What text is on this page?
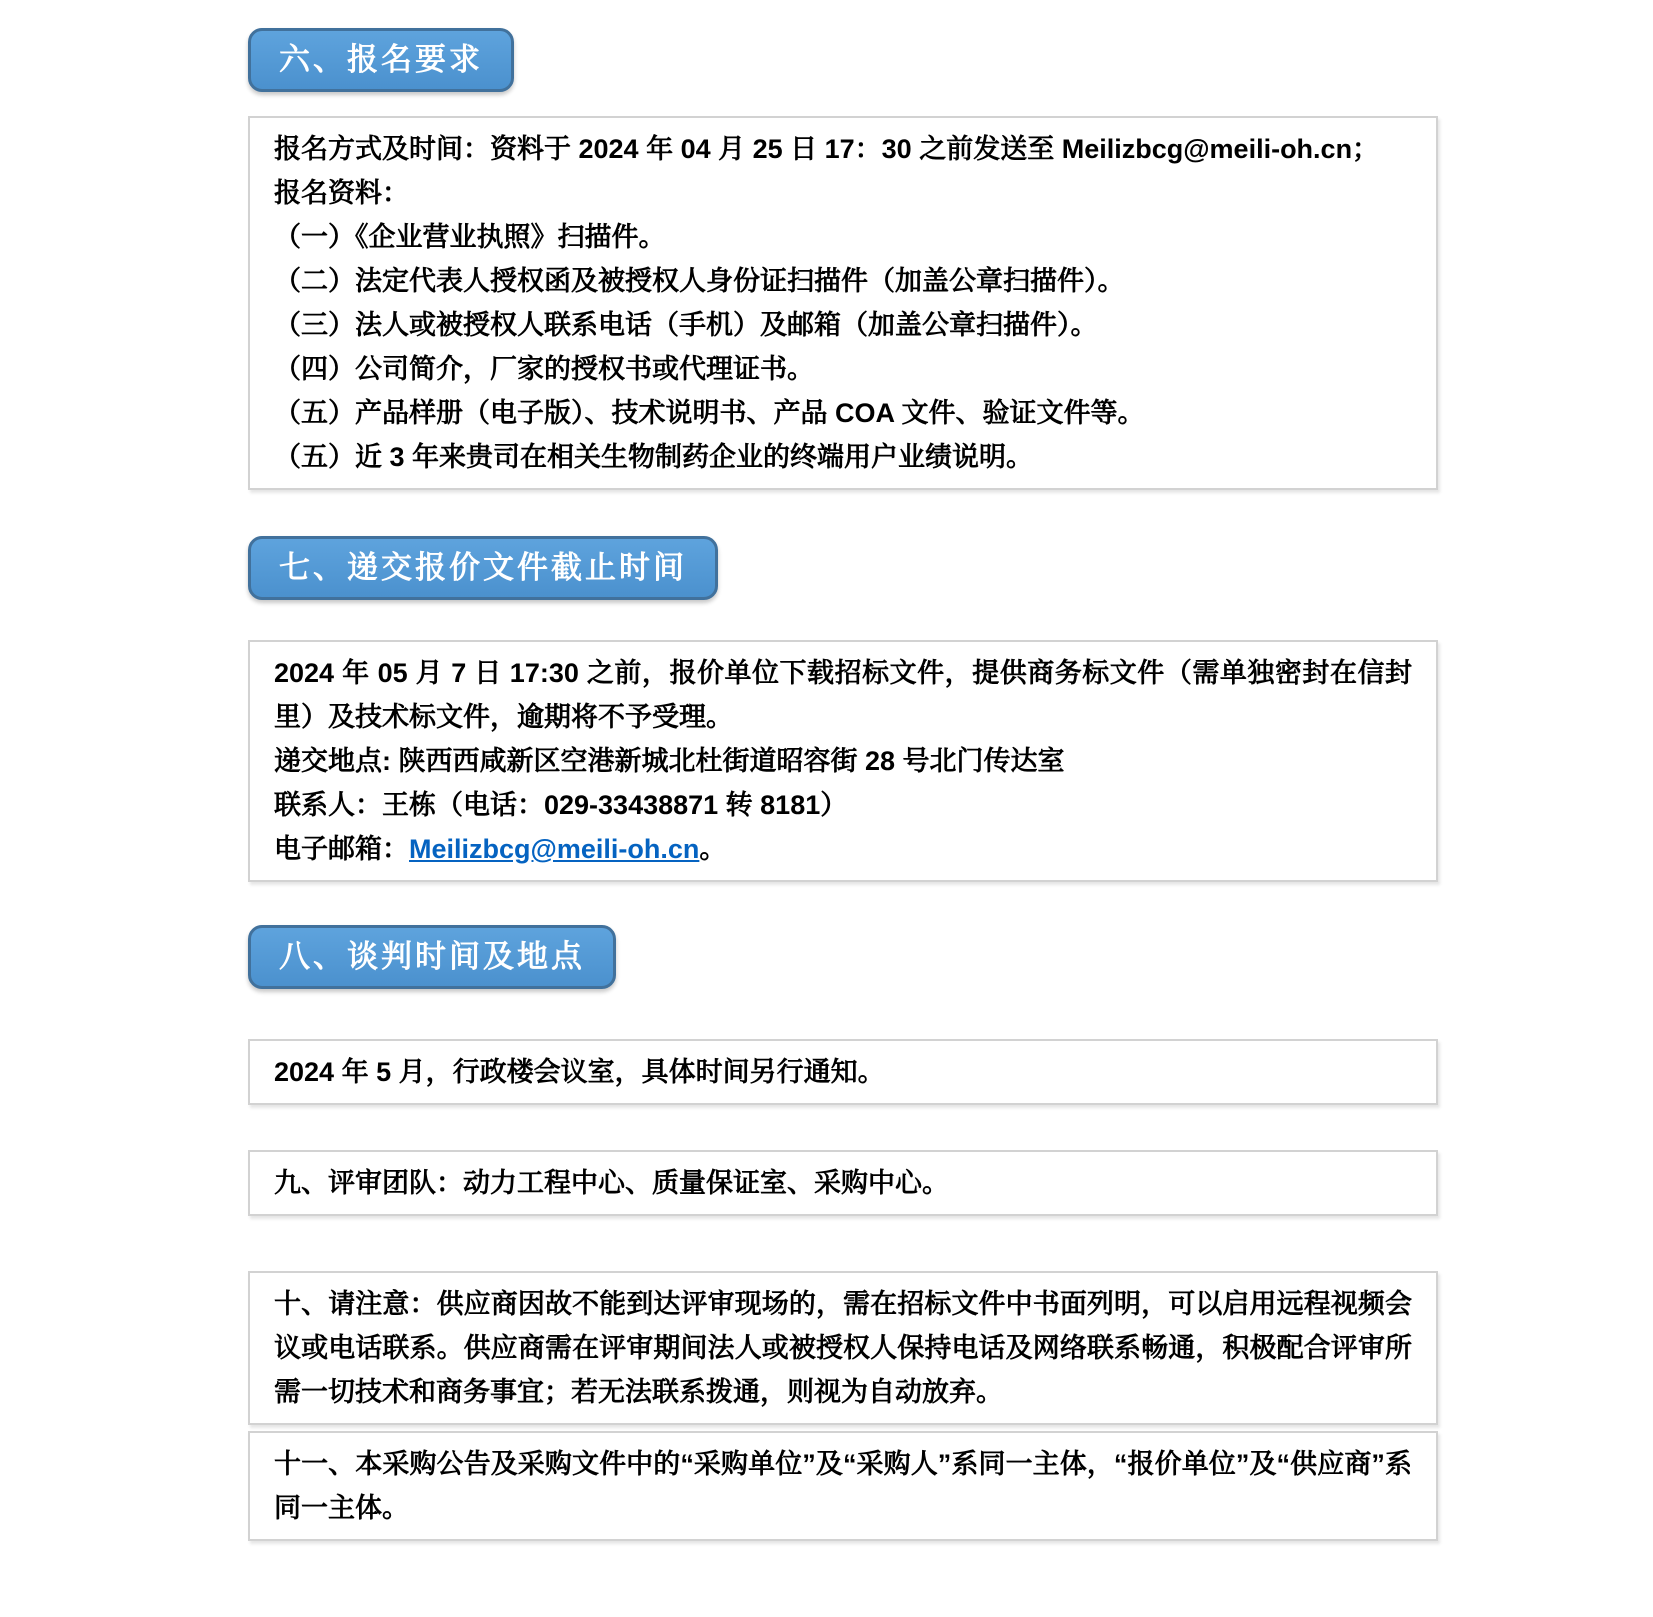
六、报名要求

报名方式及时间：资料于 2024 年 04 月 25 日 17：30 之前发送至 Meilizbcg@meili-oh.cn；

报名资料：

（一）《企业营业执照》扫描件。

（二）法定代表人授权函及被授权人身份证扫描件（加盖公章扫描件）。

（三）法人或被授权人联系电话（手机）及邮箱（加盖公章扫描件）。

（四）公司简介，厂家的授权书或代理证书。

（五）产品样册（电子版）、技术说明书、产品 COA 文件、验证文件等。

（五）近 3 年来贵司在相关生物制药企业的终端用户业绩说明。

七、递交报价文件截止时间

2024 年 05 月 7 日 17:30 之前，报价单位下载招标文件，提供商务标文件（需单独密封在信封里）及技术标文件，逾期将不予受理。

递交地点: 陕西西咸新区空港新城北杜街道昭容街 28 号北门传达室

联系人：王栋（电话：029-33438871 转 8181）

电子邮箱：Meilizbcg@meili-oh.cn。

八、谈判时间及地点

2024 年 5 月，行政楼会议室，具体时间另行通知。

九、评审团队：动力工程中心、质量保证室、采购中心。

十、请注意：供应商因故不能到达评审现场的，需在招标文件中书面列明，可以启用远程视频会议或电话联系。供应商需在评审期间法人或被授权人保持电话及网络联系畅通，积极配合评审所需一切技术和商务事宜；若无法联系拨通，则视为自动放弃。

十一、本采购公告及采购文件中的“采购单位”及“采购人”系同一主体，“报价单位”及“供应商”系同一主体。
